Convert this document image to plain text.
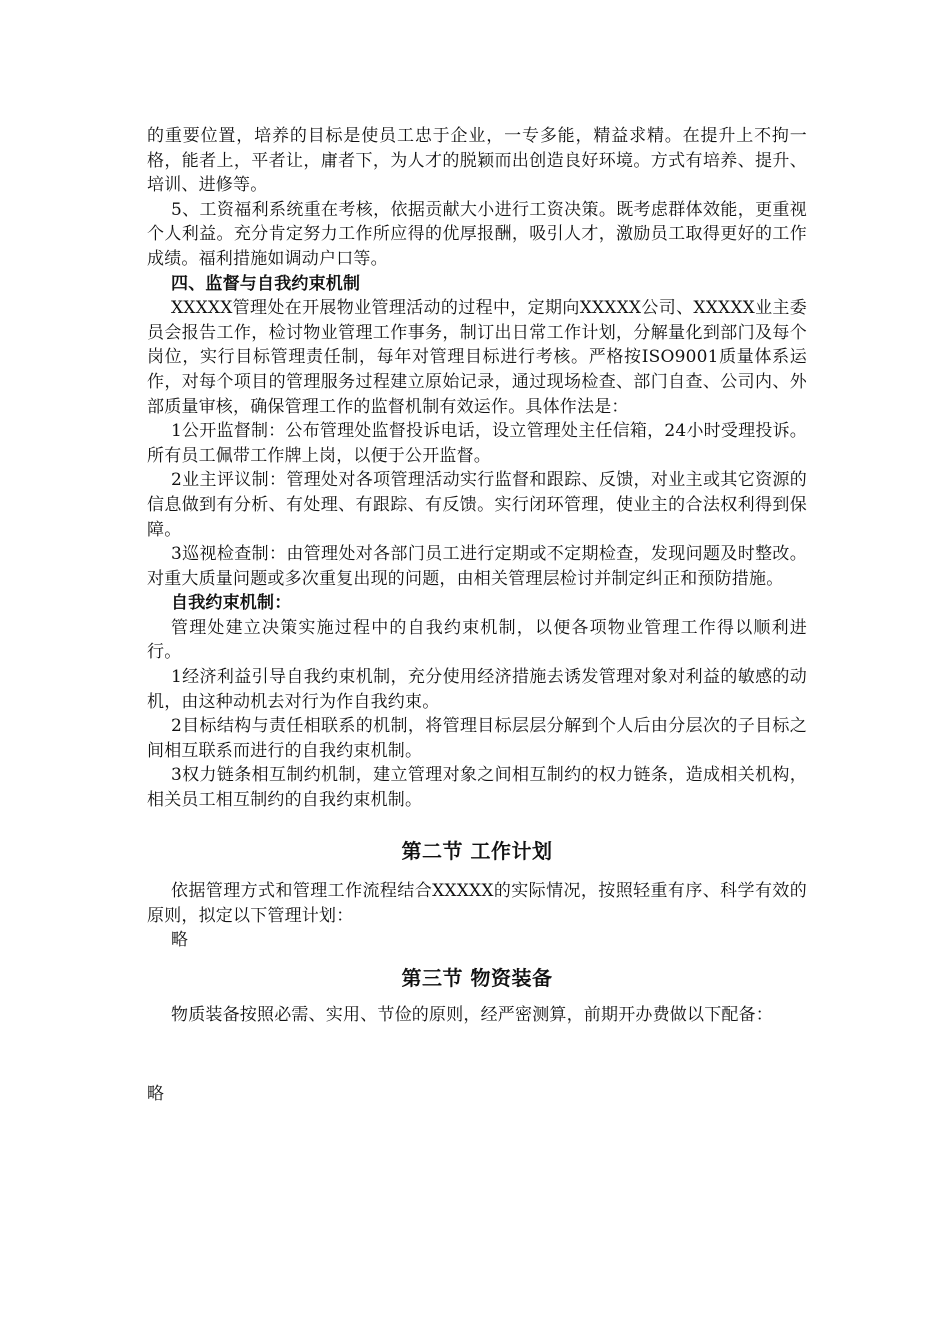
的重要位置，培养的目标是使员工忠于企业，一专多能，精益求精。在提升上不拘一格，能者上，平者让，庸者下，为人才的脱颖而出创造良好环境。方式有培养、提升、培训、进修等。

5、工资福利系统重在考核，依据贡献大小进行工资决策。既考虑群体效能，更重视个人利益。充分肯定努力工作所应得的优厚报酬，吸引人才，激励员工取得更好的工作成绩。福利措施如调动户口等。

四、监督与自我约束机制

XXXXX管理处在开展物业管理活动的过程中，定期向XXXXX公司、XXXXX业主委员会报告工作，检讨物业管理工作事务，制订出日常工作计划，分解量化到部门及每个岗位，实行目标管理责任制，每年对管理目标进行考核。严格按ISO9001质量体系运作，对每个项目的管理服务过程建立原始记录，通过现场检查、部门自查、公司内、外部质量审核，确保管理工作的监督机制有效运作。具体作法是：

1公开监督制：公布管理处监督投诉电话，设立管理处主任信箱，24小时受理投诉。所有员工佩带工作牌上岗，以便于公开监督。

2业主评议制：管理处对各项管理活动实行监督和跟踪、反馈，对业主或其它资源的信息做到有分析、有处理、有跟踪、有反馈。实行闭环管理，使业主的合法权利得到保障。

3巡视检查制：由管理处对各部门员工进行定期或不定期检查，发现问题及时整改。对重大质量问题或多次重复出现的问题，由相关管理层检讨并制定纠正和预防措施。

自我约束机制：

管理处建立决策实施过程中的自我约束机制，以便各项物业管理工作得以顺利进行。

1经济利益引导自我约束机制，充分使用经济措施去诱发管理对象对利益的敏感的动机，由这种动机去对行为作自我约束。

2目标结构与责任相联系的机制，将管理目标层层分解到个人后由分层次的子目标之间相互联系而进行的自我约束机制。

3权力链条相互制约机制，建立管理对象之间相互制约的权力链条，造成相关机构，相关员工相互制约的自我约束机制。

第二节 工作计划

依据管理方式和管理工作流程结合XXXXX的实际情况，按照轻重有序、科学有效的原则，拟定以下管理计划：

略

第三节 物资装备

物质装备按照必需、实用、节俭的原则，经严密测算，前期开办费做以下配备：

略
